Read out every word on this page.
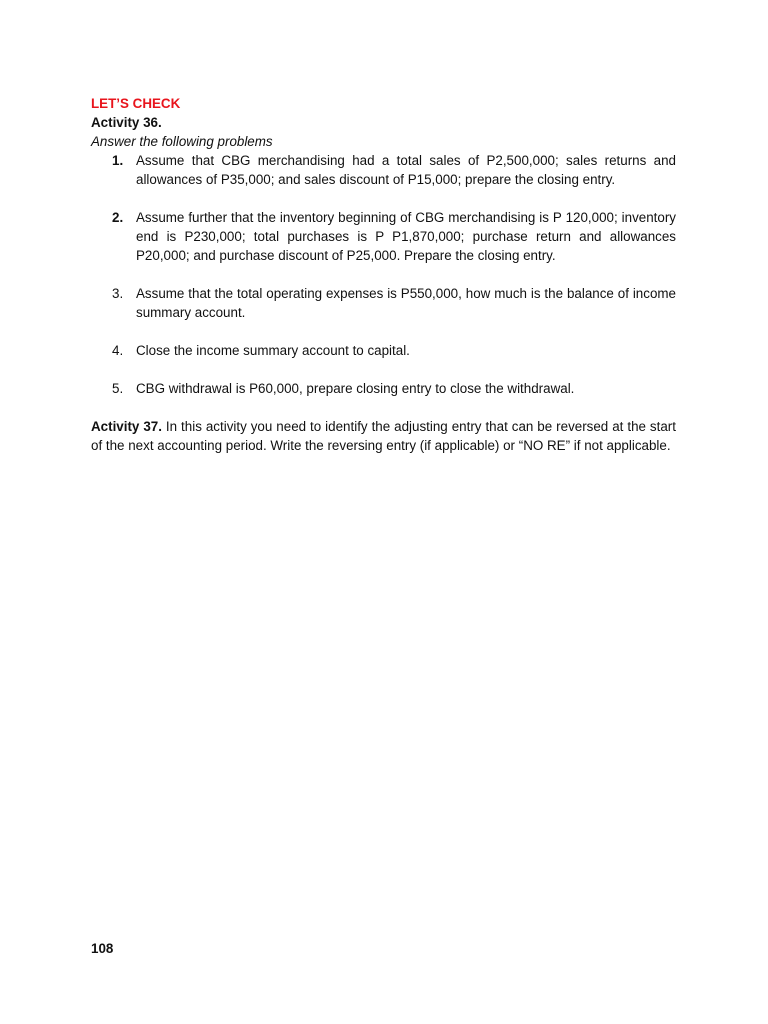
LET’S CHECK

Activity 36.

Answer the following problems

1. Assume that CBG merchandising had a total sales of P2,500,000; sales returns and allowances of P35,000; and sales discount of P15,000; prepare the closing entry.
2. Assume further that the inventory beginning of CBG merchandising is P 120,000; inventory end is P230,000; total purchases is P P1,870,000; purchase return and allowances P20,000; and purchase discount of P25,000. Prepare the closing entry.
3. Assume that the total operating expenses is P550,000, how much is the balance of income summary account.
4. Close the income summary account to capital.
5. CBG withdrawal is P60,000, prepare closing entry to close the withdrawal.

Activity 37. In this activity you need to identify the adjusting entry that can be reversed at the start of the next accounting period. Write the reversing entry (if applicable) or “NO RE” if not applicable.

108
